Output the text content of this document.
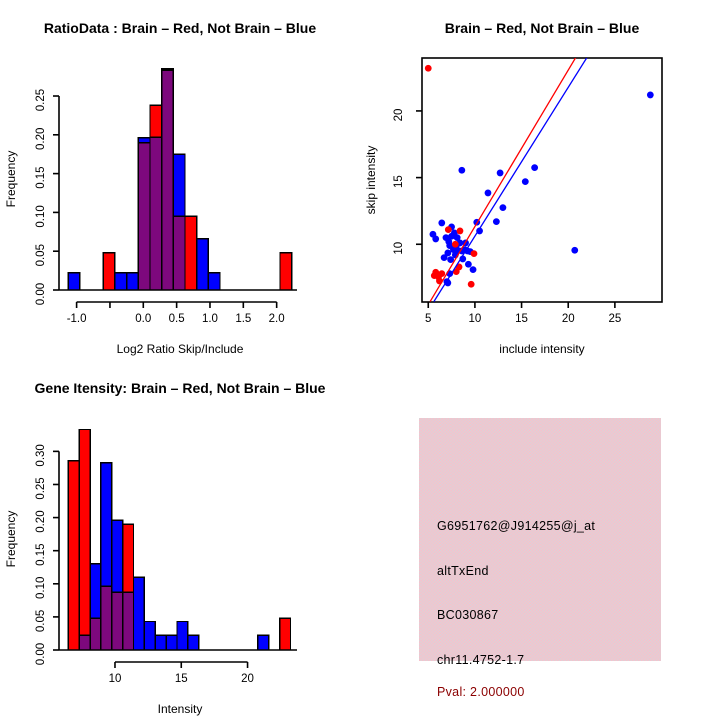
RatioData : Brain – Red, Not Brain – Blue
-1.0	0.0 0.5 1.0 1.5 2.0
Log2 Ratio Skip/Include
0.00
0.05
0.10
0.15
0.20
0.25
Frequency
Brain – Red, Not Brain – Blue
5	10	15	20	25
include intensity
10
15
20
skip intensity
Gene Itensity: Brain – Red, Not Brain – Blue
10	15	20
Intensity
0.00
0.05
0.10
0.15
0.20
0.25
0.30
Frequency	G6951762@J914255@j_at
altTxEnd
BC030867
chr11.4752-1.7
Pval: 2.000000
